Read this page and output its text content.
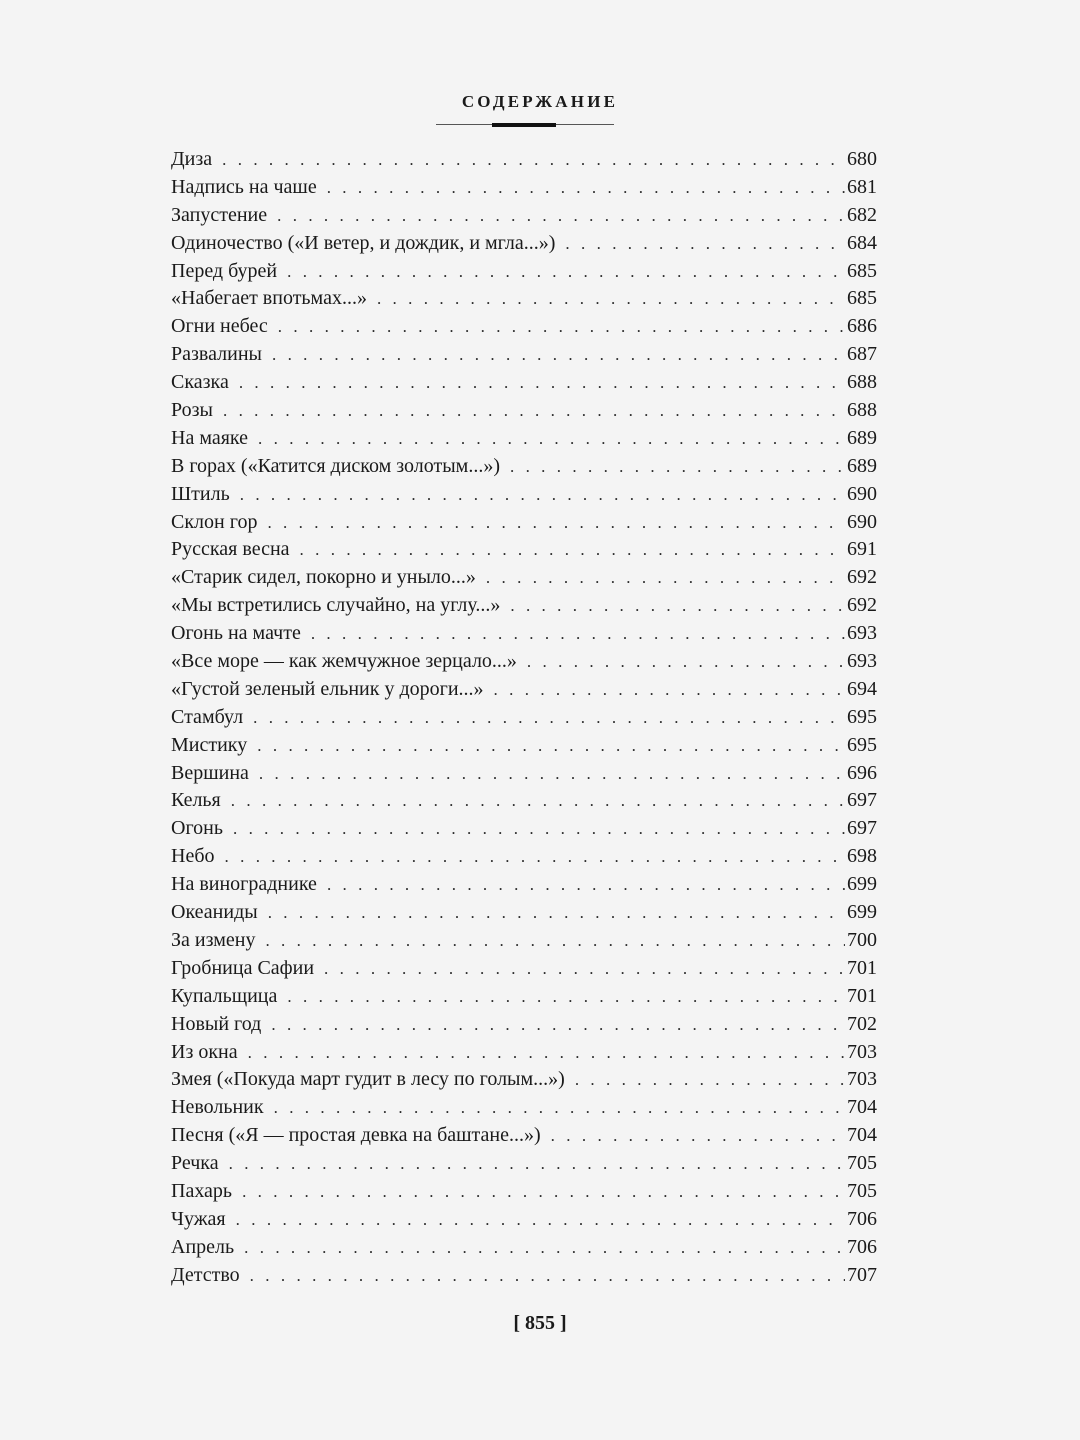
СОДЕРЖАНИЕ
Диза . . .	680
Надпись на чаше . . .	681
Запустение . . .	682
Одиночество («И ветер, и дождик, и мгла...») . . .	684
Перед бурей . . .	685
«Набегает впотьмах...» . . .	685
Огни небес . . .	686
Развалины . . .	687
Сказка . . .	688
Розы . . .	688
На маяке . . .	689
В горах («Катится диском золотым...») . . .	689
Штиль . . .	690
Склон гор . . .	690
Русская весна . . .	691
«Старик сидел, покорно и уныло...» . . .	692
«Мы встретились случайно, на углу...» . . .	692
Огонь на мачте . . .	693
«Все море — как жемчужное зерцало...» . . .	693
«Густой зеленый ельник у дороги...» . . .	694
Стамбул . . .	695
Мистику . . .	695
Вершина . . .	696
Келья . . .	697
Огонь . . .	697
Небо . . .	698
На винограднике . . .	699
Океаниды . . .	699
За измену . . .	700
Гробница Сафии . . .	701
Купальщица . . .	701
Новый год . . .	702
Из окна . . .	703
Змея («Покуда март гудит в лесу по голым...») . . .	703
Невольник . . .	704
Песня («Я — простая девка на баштане...») . . .	704
Речка . . .	705
Пахарь . . .	705
Чужая . . .	706
Апрель . . .	706
Детство . . .	707
[ 855 ]
